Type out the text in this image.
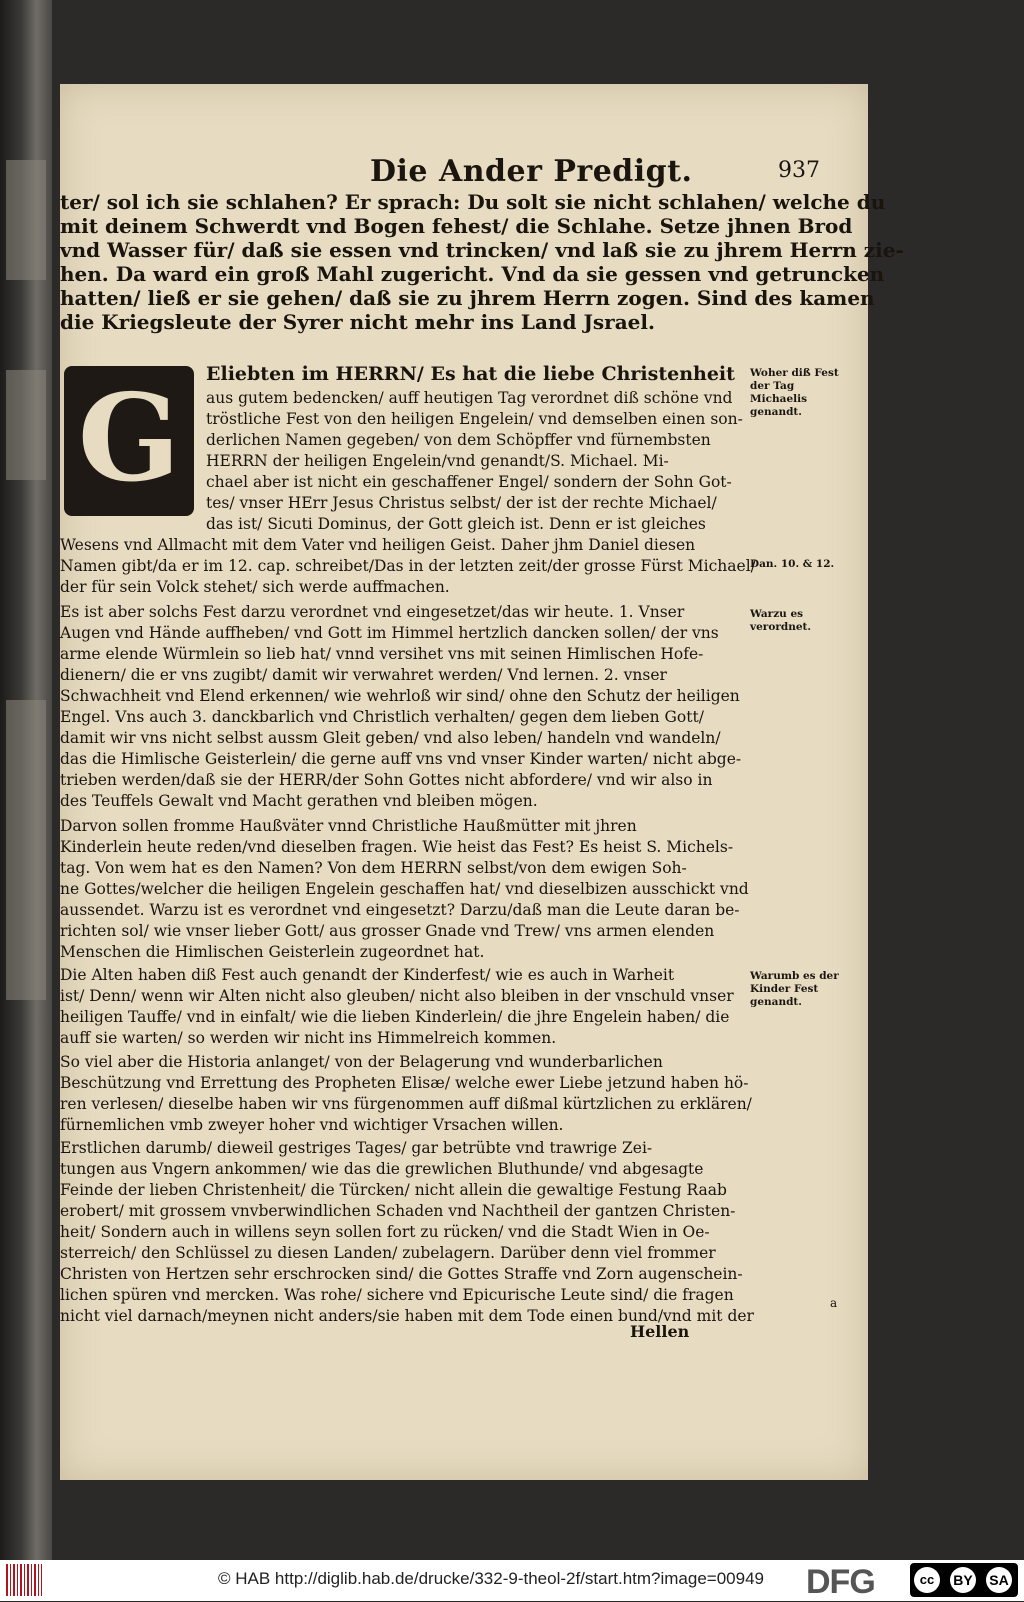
Die Ander Predigt.	937
ter/ sol ich sie schlahen? Er sprach: Du solt sie nicht schlahen/ welche du
mit deinem Schwerdt vnd Bogen fehest/ die Schlahe. Setze jhnen Brod
vnd Wasser für/ daß sie essen vnd trincken/ vnd laß sie zu jhrem Herrn zie-
hen. Da ward ein groß Mahl zugericht. Vnd da sie gessen vnd getruncken
hatten/ ließ er sie gehen/ daß sie zu jhrem Herrn zogen. Sind des kamen
die Kriegsleute der Syrer nicht mehr ins Land Jsrael.
G	Eliebten im HERRN/ Es hat die liebe Christenheit
aus gutem bedencken/ auff heutigen Tag verordnet diß schöne vnd
tröstliche Fest von den heiligen Engelein/ vnd demselben einen son-
derlichen Namen gegeben/ von dem Schöpffer vnd fürnembsten
HERRN der heiligen Engelein/vnd genandt/S. Michael. Mi-
chael aber ist nicht ein geschaffener Engel/ sondern der Sohn Got-
tes/ vnser HErr Jesus Christus selbst/ der ist der rechte Michael/
das ist/ Sicuti Dominus, der Gott gleich ist. Denn er ist gleiches
Wesens vnd Allmacht mit dem Vater vnd heiligen Geist. Daher jhm Daniel diesen
Namen gibt/da er im 12. cap. schreibet/Das in der letzten zeit/der grosse Fürst Michael/
der für sein Volck stehet/ sich werde auffmachen.
Es ist aber solchs Fest darzu verordnet vnd eingesetzet/das wir heute. 1. Vnser
Augen vnd Hände auffheben/ vnd Gott im Himmel hertzlich dancken sollen/ der vns
arme elende Würmlein so lieb hat/ vnnd versihet vns mit seinen Himlischen Hofe-
dienern/ die er vns zugibt/ damit wir verwahret werden/ Vnd lernen. 2. vnser
Schwachheit vnd Elend erkennen/ wie wehrloß wir sind/ ohne den Schutz der heiligen
Engel. Vns auch 3. danckbarlich vnd Christlich verhalten/ gegen dem lieben Gott/
damit wir vns nicht selbst aussm Gleit geben/ vnd also leben/ handeln vnd wandeln/
das die Himlische Geisterlein/ die gerne auff vns vnd vnser Kinder warten/ nicht abge-
trieben werden/daß sie der HERR/der Sohn Gottes nicht abfordere/ vnd wir also in
des Teuffels Gewalt vnd Macht gerathen vnd bleiben mögen.
Darvon sollen fromme Haußväter vnnd Christliche Haußmütter mit jhren
Kinderlein heute reden/vnd dieselben fragen. Wie heist das Fest? Es heist S. Michels-
tag. Von wem hat es den Namen? Von dem HERRN selbst/von dem ewigen Soh-
ne Gottes/welcher die heiligen Engelein geschaffen hat/ vnd dieselbizen ausschickt vnd
aussendet. Warzu ist es verordnet vnd eingesetzt? Darzu/daß man die Leute daran be-
richten sol/ wie vnser lieber Gott/ aus grosser Gnade vnd Trew/ vns armen elenden
Menschen die Himlischen Geisterlein zugeordnet hat.
Die Alten haben diß Fest auch genandt der Kinderfest/ wie es auch in Warheit
ist/ Denn/ wenn wir Alten nicht also gleuben/ nicht also bleiben in der vnschuld vnser
heiligen Tauffe/ vnd in einfalt/ wie die lieben Kinderlein/ die jhre Engelein haben/ die
auff sie warten/ so werden wir nicht ins Himmelreich kommen.
So viel aber die Historia anlanget/ von der Belagerung vnd wunderbarlichen
Beschützung vnd Errettung des Propheten Elisæ/ welche ewer Liebe jetzund haben hö-
ren verlesen/ dieselbe haben wir vns fürgenommen auff dißmal kürtzlichen zu erklären/
fürnemlichen vmb zweyer hoher vnd wichtiger Vrsachen willen.
Erstlichen darumb/ dieweil gestriges Tages/ gar betrübte vnd trawrige Zei-
tungen aus Vngern ankommen/ wie das die grewlichen Bluthunde/ vnd abgesagte
Feinde der lieben Christenheit/ die Türcken/ nicht allein die gewaltige Festung Raab
erobert/ mit grossem vnvberwindlichen Schaden vnd Nachtheil der gantzen Christen-
heit/ Sondern auch in willens seyn sollen fort zu rücken/ vnd die Stadt Wien in Oe-
sterreich/ den Schlüssel zu diesen Landen/ zubelagern. Darüber denn viel frommer
Christen von Hertzen sehr erschrocken sind/ die Gottes Straffe vnd Zorn augenschein-
lichen spüren vnd mercken. Was rohe/ sichere vnd Epicurische Leute sind/ die fragen
nicht viel darnach/meynen nicht anders/sie haben mit dem Tode einen bund/vnd mit der
Woher diß Fest der Tag Michaelis genandt.
Dan. 10. & 12.
Warzu es verordnet.
Warumb es der Kinder Fest genandt.
a
Hellen
© HAB http://diglib.hab.de/drucke/332-9-theol-2f/start.htm?image=00949 DFG	cc	BY SA
